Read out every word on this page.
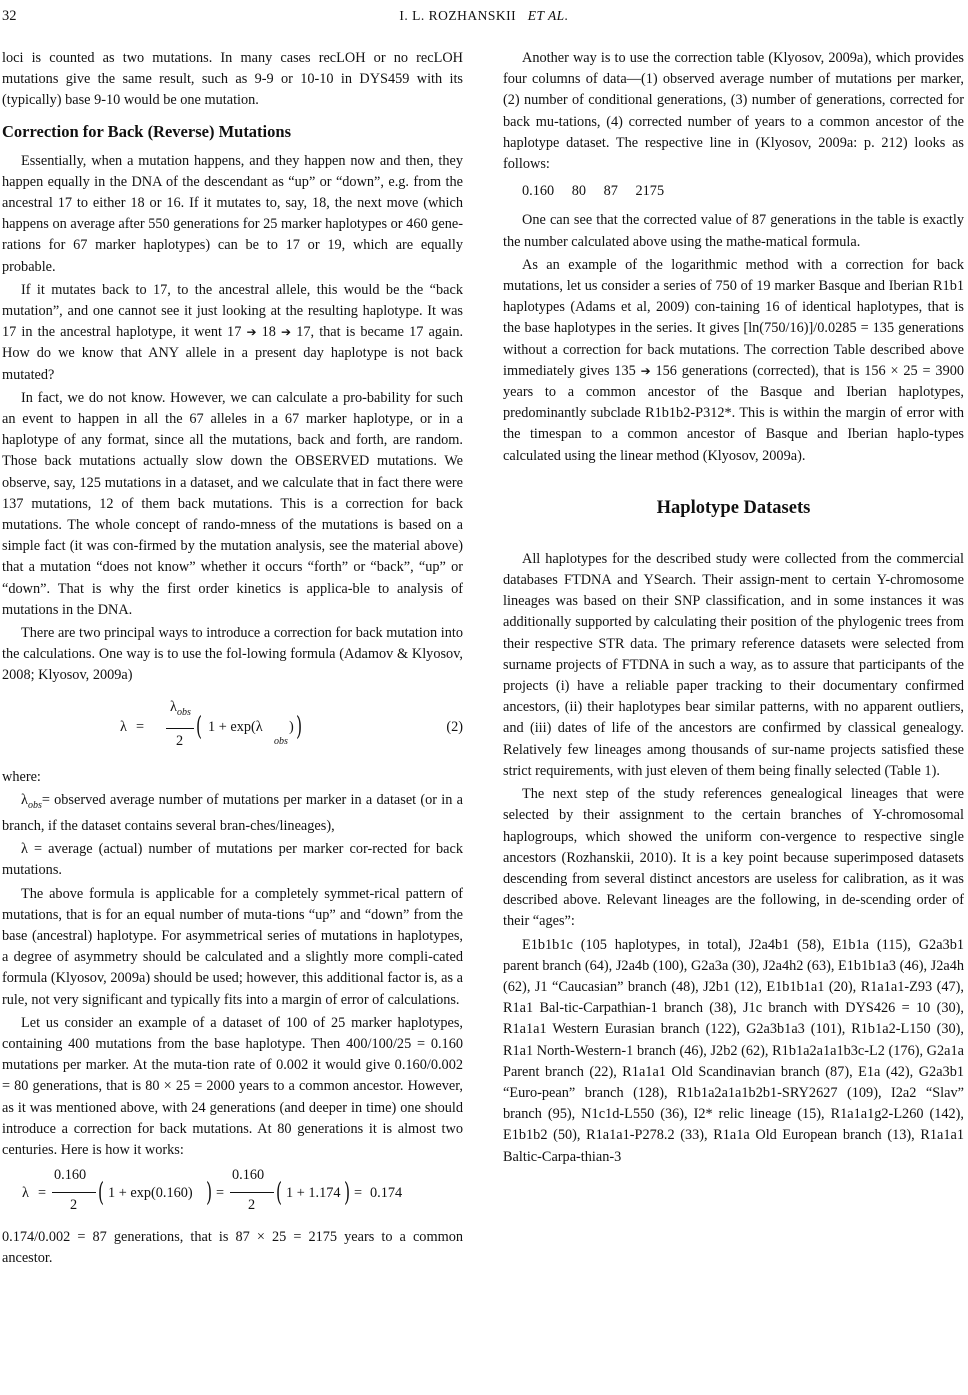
32	I. L. ROZHANSKII ET AL.

loci is counted as two mutations. In many cases recLOH or no recLOH mutations give the same result, such as 9-9 or 10-10 in DYS459 with its (typically) base 9-10 would be one mutation.

Correction for Back (Reverse) Mutations

Essentially, when a mutation happens, and they happen now and then, they happen equally in the DNA of the descendant as “up” or “down”, e.g. from the ancestral 17 to either 18 or 16. If it mutates to, say, 18, the next move (which happens on average after 550 generations for 25 marker haplotypes or 460 gene-rations for 67 marker haplotypes) can be to 17 or 19, which are equally probable.

If it mutates back to 17, to the ancestral allele, this would be the “back mutation”, and one cannot see it just looking at the resulting haplotype. It was 17 in the ancestral haplotype, it went 17 ➔ 18 ➔ 17, that is became 17 again. How do we know that ANY allele in a present day haplotype is not back mutated?

In fact, we do not know. However, we can calculate a pro-bability for such an event to happen in all the 67 alleles in a 67 marker haplotype, or in a haplotype of any format, since all the mutations, back and forth, are random. Those back mutations actually slow down the OBSERVED mutations. We observe, say, 125 mutations in a dataset, and we calculate that in fact there were 137 mutations, 12 of them back mutations. This is a correction for back mutations. The whole concept of rando-mness of the mutations is based on a simple fact (it was con-firmed by the mutation analysis, see the material above) that a mutation “does not know” whether it occurs “forth” or “back”, “up” or “down”. That is why the first order kinetics is applica-ble to analysis of mutations in the DNA.

There are two principal ways to introduce a correction for back mutation into the calculations. One way is to use the fol-lowing formula (Adamov & Klyosov, 2008; Klyosov, 2009a)

λ =
$\lambda_{obs}$
2 ( 1 + exp(λ
obs
) )	(2)

where:

$\lambda_{obs}=$ observed average number of mutations per marker in a dataset (or in a branch, if the dataset contains several bran-ches/lineages),

λ = average (actual) number of mutations per marker cor-rected for back mutations.

The above formula is applicable for a completely symmet-rical pattern of mutations, that is for an equal number of muta-tions “up” and “down” from the base (ancestral) haplotype. For asymmetrical series of mutations in haplotypes, a degree of asymmetry should be calculated and a slightly more compli-cated formula (Klyosov, 2009a) should be used; however, this additional factor is, as a rule, not very significant and typically fits into a margin of error of calculations.

Let us consider an example of a dataset of 100 of 25 marker haplotypes, containing 400 mutations from the base haplotype. Then 400/100/25 = 0.160 mutations per marker. At the muta-tion rate of 0.002 it would give 0.160/0.002 = 80 generations, that is 80 × 25 = 2000 years to a common ancestor. However, as it was mentioned above, with 24 generations (and deeper in time) one should introduce a correction for back mutations. At 80 generations it is almost two centuries. Here is how it works:

λ =
0.160
2 ( 1 + exp(0.160) ) =
0.160
2 ( 1 + 1.174 ) = 0.174

0.174/0.002 = 87 generations, that is 87 × 25 = 2175 years to a common ancestor.

Another way is to use the correction table (Klyosov, 2009a), which provides four columns of data—(1) observed average number of mutations per marker, (2) number of conditional generations, (3) number of generations, corrected for back mu-tations, (4) corrected number of years to a common ancestor of the haplotype dataset. The respective line in (Klyosov, 2009a: p. 212) looks as follows:

0.160 80 87 2175

One can see that the corrected value of 87 generations in the table is exactly the number calculated above using the mathe-matical formula.

As an example of the logarithmic method with a correction for back mutations, let us consider a series of 750 of 19 marker Basque and Iberian R1b1 haplotypes (Adams et al, 2009) con-taining 16 of identical haplotypes, that is the base haplotypes in the series. It gives [ln(750/16)]/0.0285 = 135 generations without a correction for back mutations. The correction Table described above immediately gives 135 ➔ 156 generations (corrected), that is 156 × 25 = 3900 years to a common ancestor of the Basque and Iberian haplotypes, predominantly subclade R1b1b2-P312*. This is within the margin of error with the timespan to a common ancestor of Basque and Iberian haplo-types calculated using the linear method (Klyosov, 2009a).

Haplotype Datasets

All haplotypes for the described study were collected from the commercial databases FTDNA and YSearch. Their assign-ment to certain Y-chromosome lineages was based on their SNP classification, and in some instances it was additionally supported by calculating their position of the phylogenic trees from their respective STR data. The primary reference datasets were selected from surname projects of FTDNA in such a way, as to assure that participants of the projects (i) have a reliable paper tracking to their documentary confirmed ancestors, (ii) their haplotypes bear similar patterns, with no apparent outliers, and (iii) dates of life of the ancestors are confirmed by classical genealogy. Relatively few lineages among thousands of sur-name projects satisfied these strict requirements, with just eleven of them being finally selected (Table 1).

The next step of the study references genealogical lineages that were selected by their assignment to the certain branches of Y-chromosomal haplogroups, which showed the uniform con-vergence to respective single ancestors (Rozhanskii, 2010). It is a key point because superimposed datasets descending from several distinct ancestors are useless for calibration, as it was described above. Relevant lineages are the following, in de-scending order of their “ages”:

E1b1b1c (105 haplotypes, in total), J2a4b1 (58), E1b1a (115), G2a3b1 parent branch (64), J2a4b (100), G2a3a (30), J2a4h2 (63), E1b1b1a3 (46), J2a4h (62), J1 “Caucasian” branch (48), J2b1 (12), E1b1b1a1 (20), R1a1a1-Z93 (47), R1a1 Bal-tic-Carpathian-1 branch (38), J1c branch with DYS426 = 10 (30), R1a1a1 Western Eurasian branch (122), G2a3b1a3 (101), R1b1a2-L150 (30), R1a1 North-Western-1 branch (46), J2b2 (62), R1b1a2a1a1b3c-L2 (176), G2a1a Parent branch (22), R1a1a1 Old Scandinavian branch (87), E1a (42), G2a3b1 “Euro-pean” branch (128), R1b1a2a1a1b2b1-SRY2627 (109), I2a2 “Slav” branch (95), N1c1d-L550 (36), I2* relic lineage (15), R1a1a1g2-L260 (142), E1b1b2 (50), R1a1a1-P278.2 (33), R1a1a Old European branch (13), R1a1a1 Baltic-Carpa-thian-3
